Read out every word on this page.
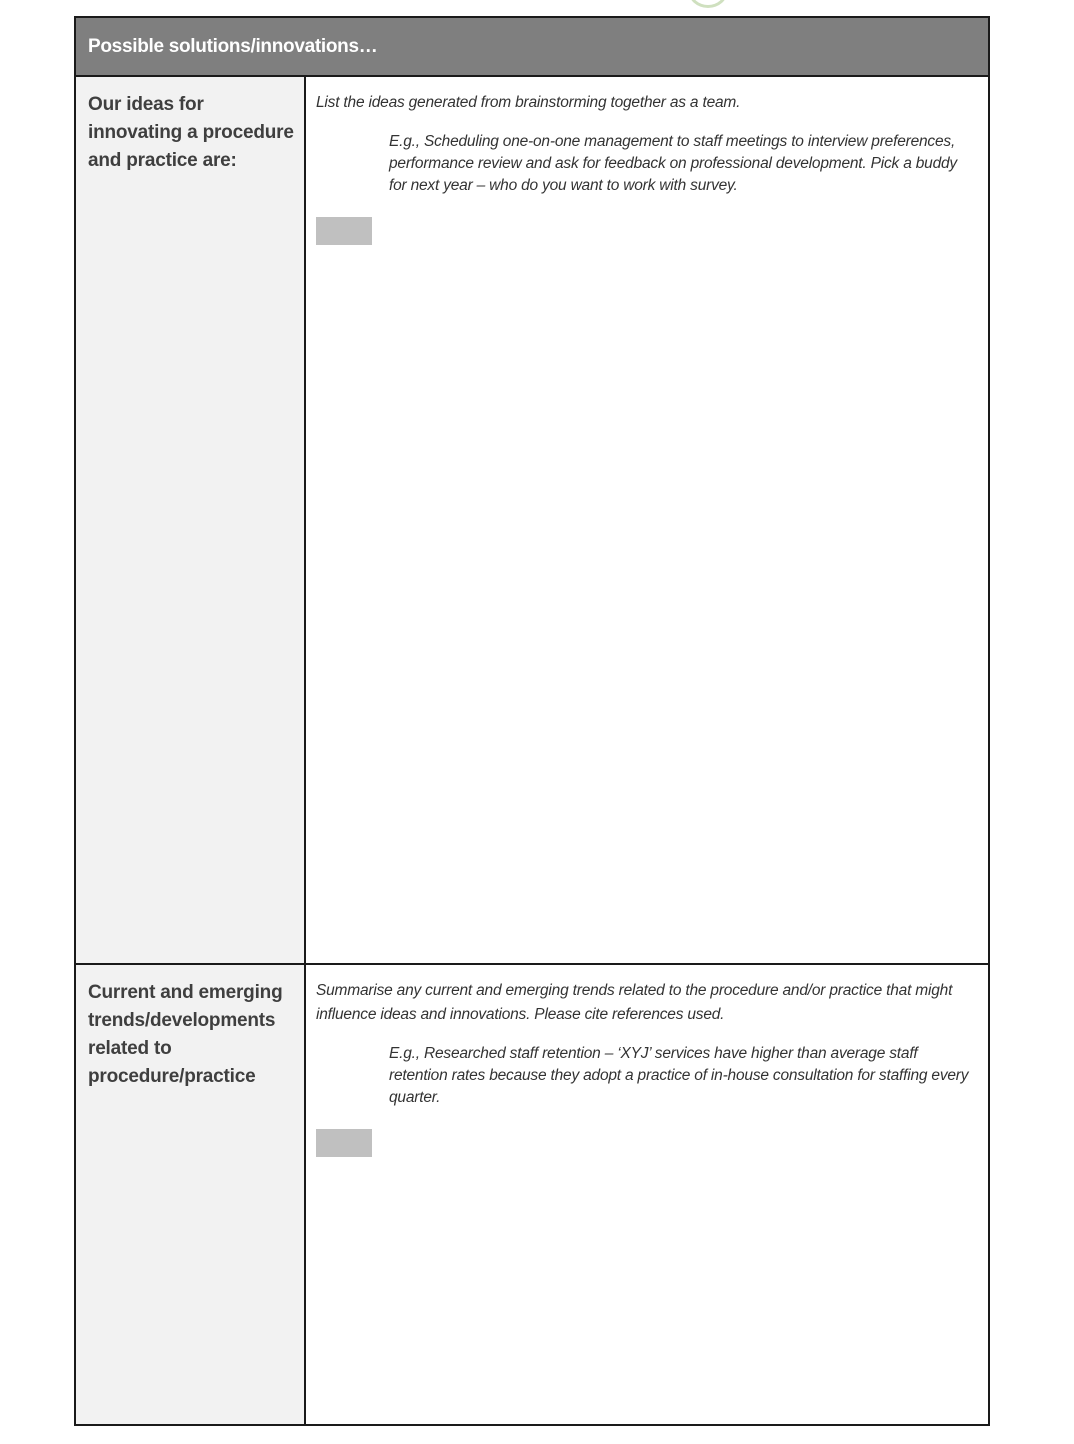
Possible solutions/innovations…
Our ideas for innovating a procedure and practice are:

List the ideas generated from brainstorming together as a team.

E.g., Scheduling one-on-one management to staff meetings to interview preferences, performance review and ask for feedback on professional development. Pick a buddy for next year – who do you want to work with survey.

Current and emerging trends/developments related to procedure/practice

Summarise any current and emerging trends related to the procedure and/or practice that might influence ideas and innovations. Please cite references used.

E.g., Researched staff retention – ‘XYJ’ services have higher than average staff retention rates because they adopt a practice of in-house consultation for staffing every quarter.
